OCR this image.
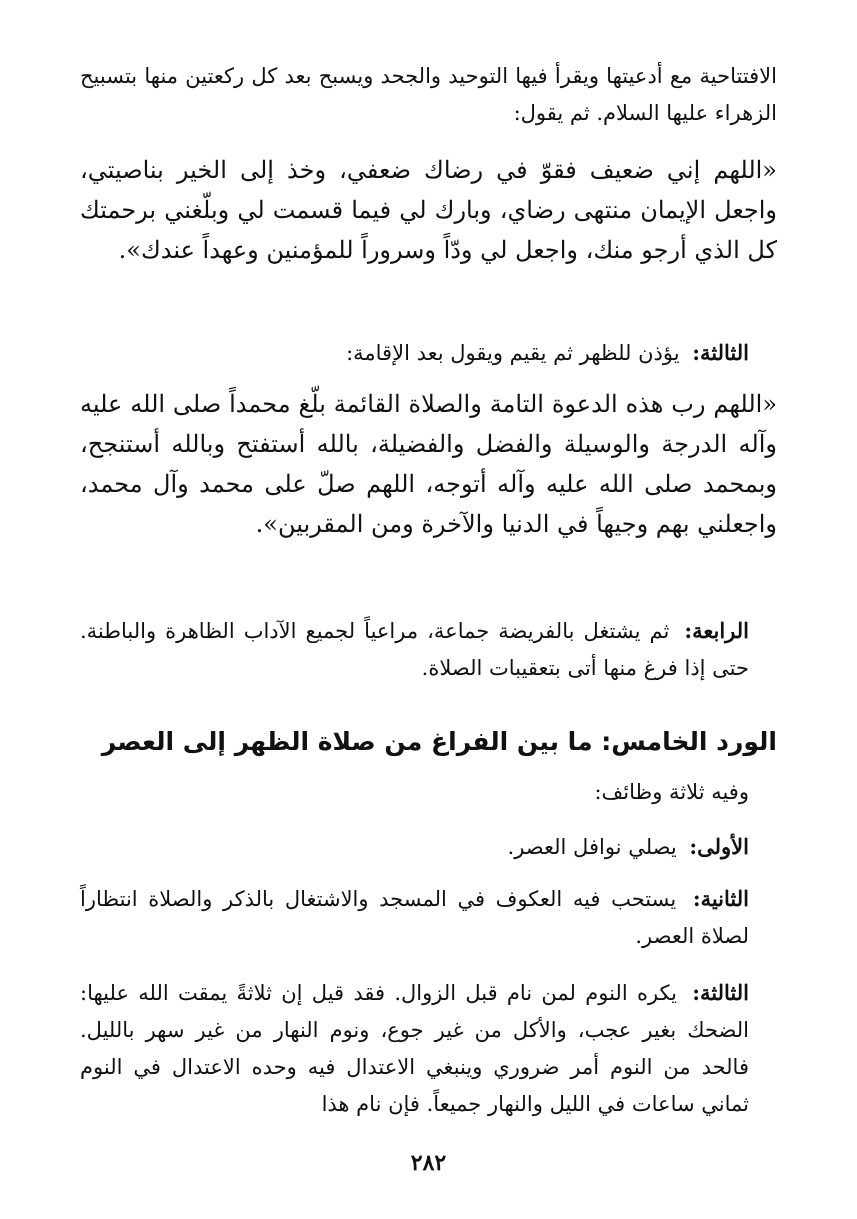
الافتتاحية مع أدعيتها ويقرأ فيها التوحيد والجحد ويسبح بعد كل ركعتين منها بتسبيح الزهراء عليها السلام. ثم يقول:
«اللهم إني ضعيف فقوّ في رضاك ضعفي، وخذ إلى الخير بناصيتي، واجعل الإيمان منتهى رضاي، وبارك لي فيما قسمت لي وبلّغني برحمتك كل الذي أرجو منك، واجعل لي ودّاً وسروراً للمؤمنين وعهداً عندك».
الثالثة: يؤذن للظهر ثم يقيم ويقول بعد الإقامة:
«اللهم رب هذه الدعوة التامة والصلاة القائمة بلّغ محمداً صلى الله عليه وآله الدرجة والوسيلة والفضل والفضيلة، بالله أستفتح وبالله أستنجح، وبمحمد صلى الله عليه وآله أتوجه، اللهم صلّ على محمد وآل محمد، واجعلني بهم وجيهاً في الدنيا والآخرة ومن المقربين».
الرابعة: ثم يشتغل بالفريضة جماعة، مراعياً لجميع الآداب الظاهرة والباطنة. حتى إذا فرغ منها أتى بتعقيبات الصلاة.
الورد الخامس: ما بين الفراغ من صلاة الظهر إلى العصر
وفيه ثلاثة وظائف:
الأولى: يصلي نوافل العصر.
الثانية: يستحب فيه العكوف في المسجد والاشتغال بالذكر والصلاة انتظاراً لصلاة العصر.
الثالثة: يكره النوم لمن نام قبل الزوال. فقد قيل إن ثلاثةً يمقت الله عليها: الضحك بغير عجب، والأكل من غير جوع، ونوم النهار من غير سهر بالليل. فالحد من النوم أمر ضروري وينبغي الاعتدال فيه وحده الاعتدال في النوم ثماني ساعات في الليل والنهار جميعاً. فإن نام هذا
٢٨٢
